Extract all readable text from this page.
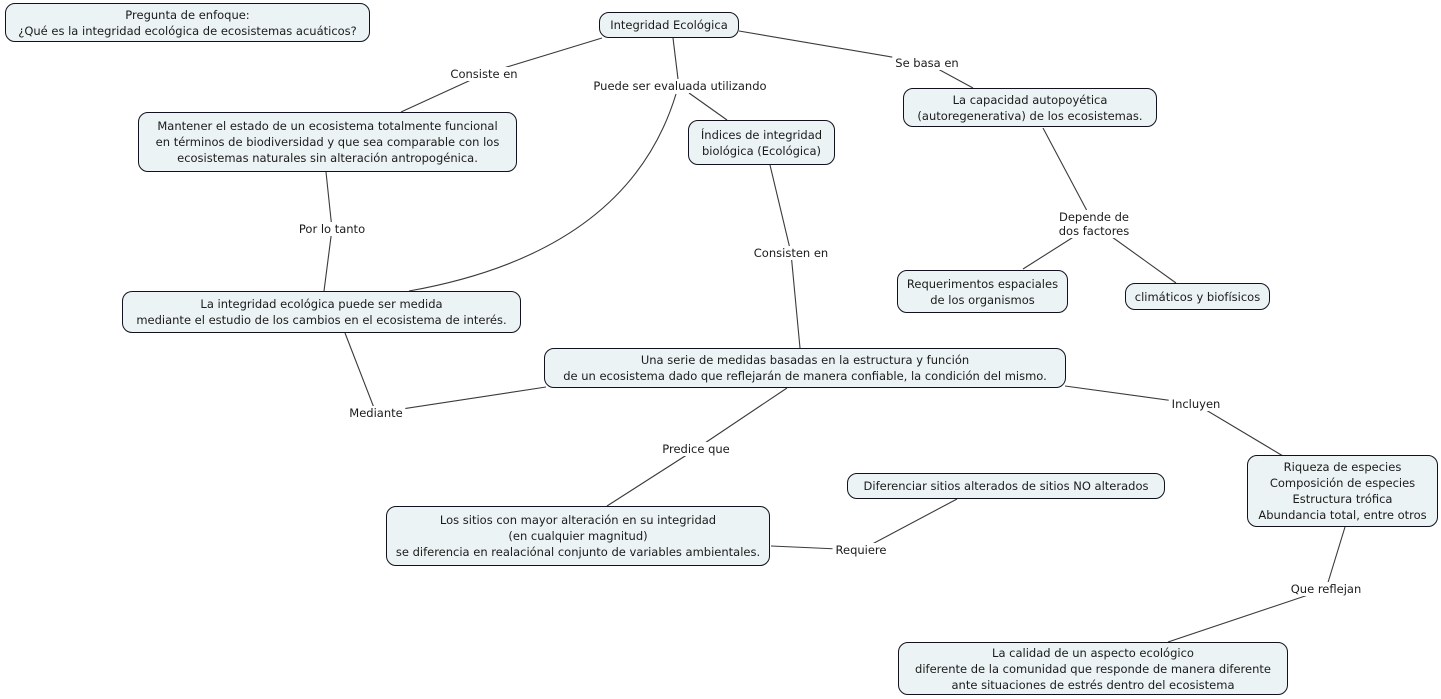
Pregunta de enfoque:
¿Qué es la integridad ecológica de ecosistemas acuáticos?	Integridad Ecológica
Mantener el estado de un ecosistema totalmente funcional
en términos de biodiversidad y que sea comparable con los
ecosistemas naturales sin alteración antropogénica.
Índices de integridad
biológica (Ecológica)
La capacidad autopoyética
(autoregenerativa) de los ecosistemas.
Requerimentos espaciales
de los organismos	climáticos y biofísicos
La integridad ecológica puede ser medida
mediante el estudio de los cambios en el ecosistema de interés.
Una serie de medidas basadas en la estructura y función
de un ecosistema dado que reflejarán de manera confiable, la condición del mismo.
Los sitios con mayor alteración en su integridad
(en cualquier magnitud)
se diferencia en realaciónal conjunto de variables ambientales.
Diferenciar sitios alterados de sitios NO alterados
Riqueza de especies
Composición de especies
Estructura trófica
Abundancia total, entre otros
La calidad de un aspecto ecológico
diferente de la comunidad que responde de manera diferente
ante situaciones de estrés dentro del ecosistema
Consiste en
Puede ser evaluada utilizando
Se basa en
Por lo tanto
Depende de
dos factores
Consisten en
Mediante
Incluyen
Predice que
Requiere
Que reflejan
